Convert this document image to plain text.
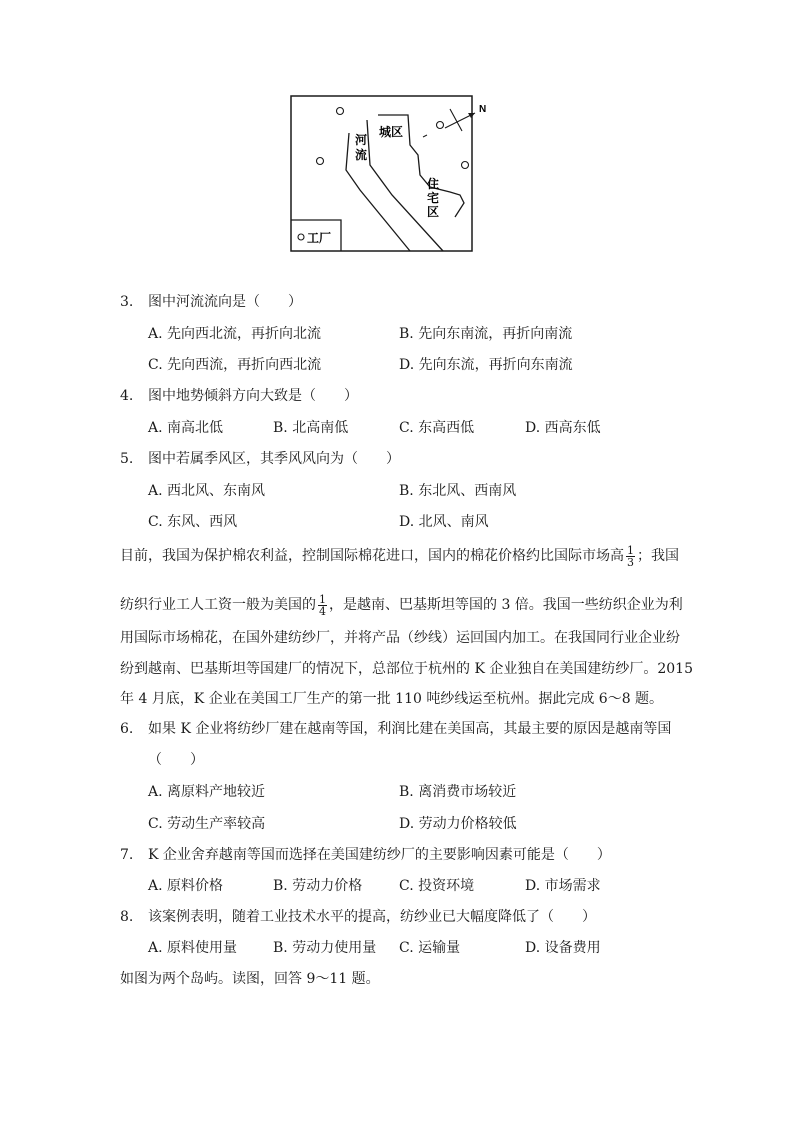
N
河
流
城区
住
宅
区
工厂
3. 图中河流流向是（　　）
A. 先向西北流，再折向北流	B. 先向东南流，再折向南流
C. 先向西流，再折向西北流	D. 先向东流，再折向东南流
4. 图中地势倾斜方向大致是（　　）
A. 南高北低	B. 北高南低	C. 东高西低	D. 西高东低
5. 图中若属季风区，其季风风向为（　　）
A. 西北风、东南风	B. 东北风、西南风
C. 东风、西风	D. 北风、南风
目前，我国为保护棉农利益，控制国际棉花进口，国内的棉花价格约比国际市场高 $\frac{1}{3}$ ；我国
纺织行业工人工资一般为美国的 $\frac{1}{4}$ ，是越南、巴基斯坦等国的 3 倍。我国一些纺织企业为利
用国际市场棉花，在国外建纺纱厂，并将产品（纱线）运回国内加工。在我国同行业企业纷
纷到越南、巴基斯坦等国建厂的情况下，总部位于杭州的 K 企业独自在美国建纺纱厂。2015
年 4 月底，K 企业在美国工厂生产的第一批 110 吨纱线运至杭州。据此完成 6～8 题。
6. 如果 K 企业将纺纱厂建在越南等国，利润比建在美国高，其最主要的原因是越南等国
（　　）
A. 离原料产地较近	B. 离消费市场较近
C. 劳动生产率较高	D. 劳动力价格较低
7. K 企业舍弃越南等国而选择在美国建纺纱厂的主要影响因素可能是（　　）
A. 原料价格	B. 劳动力价格	C. 投资环境	D. 市场需求
8. 该案例表明，随着工业技术水平的提高，纺纱业已大幅度降低了（　　）
A. 原料使用量	B. 劳动力使用量 C. 运输量	D. 设备费用
如图为两个岛屿。读图，回答 9～11 题。
